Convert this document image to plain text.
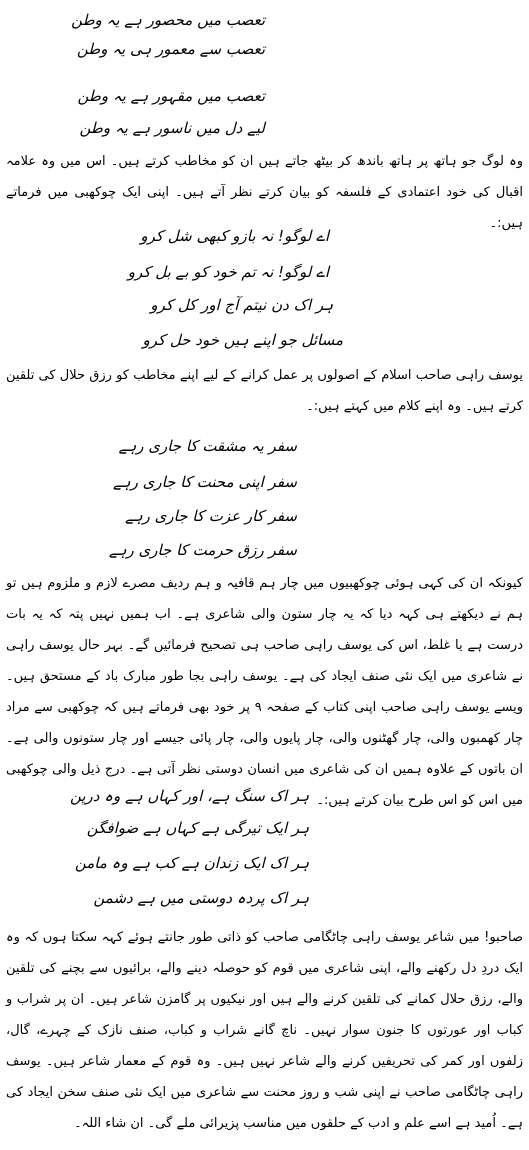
تعصب میں محصور ہے یہ وطن
تعصب سے معمور ہی یہ وطن
تعصب میں مقہور ہے یہ وطن
لیے دل میں ناسور ہے یہ وطن
وہ لوگ جو ہاتھ پر ہاتھ باندھ کر بیٹھ جاتے ہیں ان کو مخاطب کرتے ہیں۔ اس میں وہ علامہ اقبال کی خود اعتمادی کے فلسفہ کو بیان کرتے نظر آتے ہیں۔ اپنی ایک چوکھبی میں فرماتے ہیں:۔
اے لوگو! نہ بازو کبھی شل کرو
اے لوگو! نہ تم خود کو بے بل کرو
ہر اک دن نیتم آج اور کل کرو
مسائل جو اپنے ہیں خود حل کرو
یوسف راہی صاحب اسلام کے اصولوں پر عمل کرانے کے لیے اپنے مخاطب کو رزق حلال کی تلقین کرتے ہیں۔ وہ اپنے کلام میں کہتے ہیں:۔
سفر یہ مشقت کا جاری رہے
سفر اپنی محنت کا جاری رہے
سفر کار عزت کا جاری رہے
سفر رزق حرمت کا جاری رہے
کیونکہ ان کی کہی ہوئی چوکھبیوں میں چار ہم قافیہ و ہم ردیف مصرے لازم و ملزوم ہیں تو ہم نے دیکھتے ہی کہہ دیا کہ یہ چار ستون والی شاعری ہے۔ اب ہمیں نہیں پتہ کہ یہ بات درست ہے یا غلط، اس کی یوسف راہی صاحب ہی تصحیح فرمائیں گے۔ بہر حال یوسف راہی نے شاعری میں ایک نئی صنف ایجاد کی ہے۔ یوسف راہی بجا طور مبارک باد کے مستحق ہیں۔ ویسے یوسف راہی صاحب اپنی کتاب کے صفحہ ۹ پر خود بھی فرماتے ہیں کہ چوکھبی سے مراد چار کھمبوں والی، چار گھٹنوں والی، چار پایوں والی، چار پائی جیسے اور چار ستونوں والی ہے۔ ان باتوں کے علاوہ ہمیں ان کی شاعری میں انسان دوستی نظر آتی ہے۔ درج ذیل والی چوکھبی میں اس کو اس طرح بیان کرتے ہیں:۔
ہر اک سنگ ہے، اور کہاں ہے وہ درپن
ہر ایک تیرگی ہے کہاں ہے ضوافگن
ہر اک ایک زندان ہے کب ہے وہ مامن
ہر اک پردہ دوستی میں ہے دشمن
صاحبو! میں شاعر یوسف راہی چاٹگامی صاحب کو ذاتی طور جانتے ہوئے کہہ سکتا ہوں کہ وہ ایک دردِ دل رکھنے والے، اپنی شاعری میں قوم کو حوصلہ دینے والے، برائیوں سے بچنے کی تلقین والے، رزق حلال کمانے کی تلقین کرنے والے ہیں اور نیکیوں پر گامزن شاعر ہیں۔ ان پر شراب و کباب اور عورتوں کا جنون سوار نہیں۔ ناچ گانے شراب و کباب، صنف نازک کے چہرے، گال، زلفوں اور کمر کی تحریفیں کرنے والے شاعر نہیں ہیں۔ وہ قوم کے معمار شاعر ہیں۔ یوسف راہی چاٹگامی صاحب نے اپنی شب و روز محنت سے شاعری میں ایک نئی صنف سخن ایجاد کی ہے۔ اُمید ہے اسے علم و ادب کے حلقوں میں مناسب پزیرائی ملے گی۔ ان شاء اللہ۔
